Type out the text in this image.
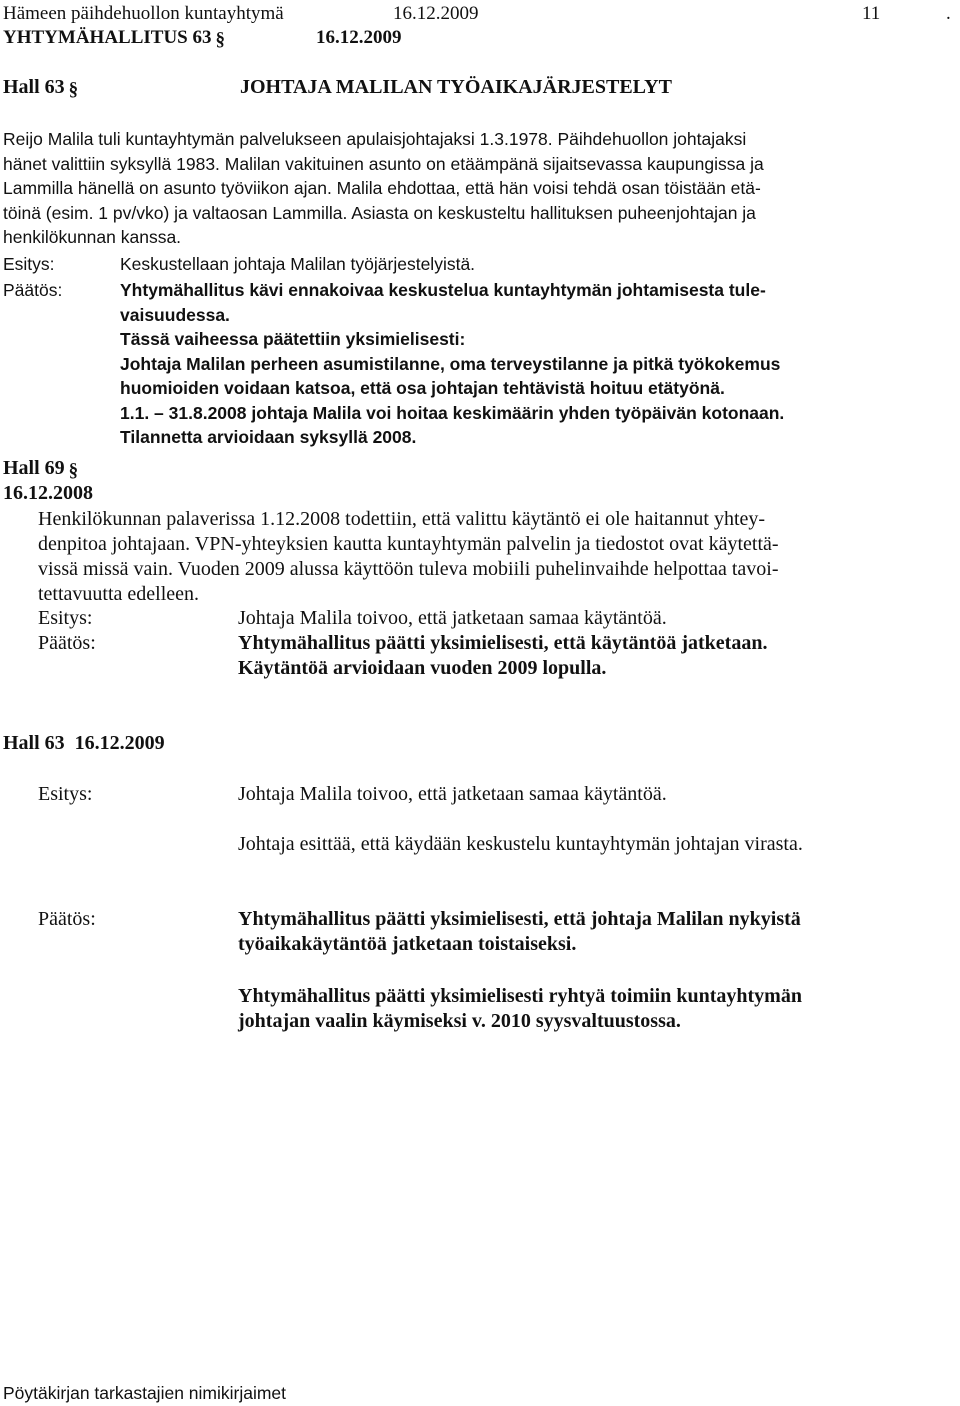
Hämeen päihdehuollon kuntayhtymä	16.12.2009	11	.
YHTYMÄHALLITUS 63 §	16.12.2009
Hall 63 §	JOHTAJA MALILAN TYÖAIKAJÄRJESTELYT
Reijo Malila tuli kuntayhtymän palvelukseen apulaisjohtajaksi 1.3.1978. Päihdehuollon johtajaksi
hänet valittiin syksyllä 1983. Malilan vakituinen asunto on etäämpänä sijaitsevassa kaupungissa ja
Lammilla hänellä on asunto työviikon ajan. Malila ehdottaa, että hän voisi tehdä osan töistään etä-
töinä (esim. 1 pv/vko) ja valtaosan Lammilla. Asiasta on keskusteltu hallituksen puheenjohtajan ja
henkilökunnan kanssa.
Esitys:	Keskustellaan johtaja Malilan työjärjestelyistä.
Päätös:	Yhtymähallitus kävi ennakoivaa keskustelua kuntayhtymän johtamisesta tule-
vaisuudessa.
Tässä vaiheessa päätettiin yksimielisesti:
Johtaja Malilan perheen asumistilanne, oma terveystilanne ja pitkä työkokemus
huomioiden voidaan katsoa, että osa johtajan tehtävistä hoituu etätyönä.
1.1. – 31.8.2008 johtaja Malila voi hoitaa keskimäärin yhden työpäivän kotonaan.
Tilannetta arvioidaan syksyllä 2008.
Hall 69§
16.12.2008
Henkilökunnan palaverissa 1.12.2008 todettiin, että valittu käytäntö ei ole haitannut yhtey-
denpitoa johtajaan. VPN-yhteyksien kautta kuntayhtymän palvelin ja tiedostot ovat käytettä-
vissä missä vain. Vuoden 2009 alussa käyttöön tuleva mobiili puhelinvaihde helpottaa tavoi-
tettavuutta edelleen.
Esitys:	Johtaja Malila toivoo, että jatketaan samaa käytäntöä.
Päätös:	Yhtymähallitus päätti yksimielisesti, että käytäntöä jatketaan.
Käytäntöä arvioidaan vuoden 2009 lopulla.
Hall 63  16.12.2009
Esitys:	Johtaja Malila toivoo, että jatketaan samaa käytäntöä.
Johtaja esittää, että käydään keskustelu kuntayhtymän johtajan virasta.
Päätös:	Yhtymähallitus päätti yksimielisesti, että johtaja Malilan nykyistä
työaikakäytäntöä jatketaan toistaiseksi.
Yhtymähallitus päätti yksimielisesti ryhtyä toimiin kuntayhtymän
johtajan vaalin käymiseksi v. 2010 syysvaltuustossa.
Pöytäkirjan tarkastajien nimikirjaimet
